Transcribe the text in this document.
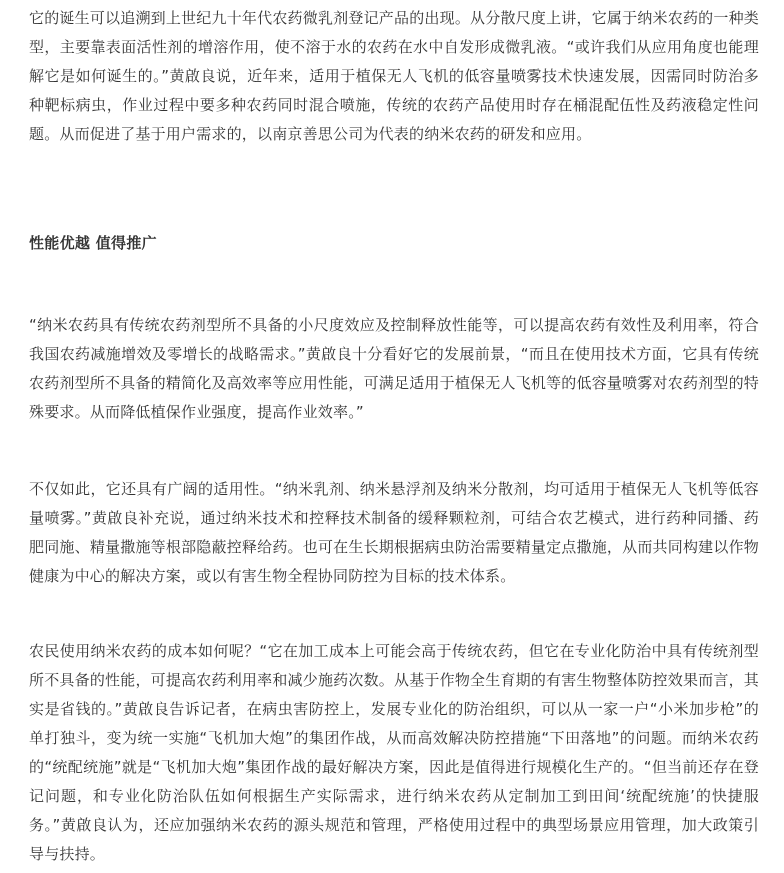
它的诞生可以追溯到上世纪九十年代农药微乳剂登记产品的出现。从分散尺度上讲，它属于纳米农药的一种类型，主要靠表面活性剂的增溶作用，使不溶于水的农药在水中自发形成微乳液。“或许我们从应用角度也能理解它是如何诞生的。”黄啟良说，近年来，适用于植保无人飞机的低容量喷雾技术快速发展，因需同时防治多种靶标病虫，作业过程中要多种农药同时混合喷施，传统的农药产品使用时存在桶混配伍性及药液稳定性问题。从而促进了基于用户需求的，以南京善思公司为代表的纳米农药的研发和应用。

性能优越 值得推广

“纳米农药具有传统农药剂型所不具备的小尺度效应及控制释放性能等，可以提高农药有效性及利用率，符合我国农药减施增效及零增长的战略需求。”黄啟良十分看好它的发展前景，“而且在使用技术方面，它具有传统农药剂型所不具备的精简化及高效率等应用性能，可满足适用于植保无人飞机等的低容量喷雾对农药剂型的特殊要求。从而降低植保作业强度，提高作业效率。”

不仅如此，它还具有广阔的适用性。“纳米乳剂、纳米悬浮剂及纳米分散剂，均可适用于植保无人飞机等低容量喷雾。”黄啟良补充说，通过纳米技术和控释技术制备的缓释颗粒剂，可结合农艺模式，进行药种同播、药肥同施、精量撒施等根部隐蔽控释给药。也可在生长期根据病虫防治需要精量定点撒施，从而共同构建以作物健康为中心的解决方案，或以有害生物全程协同防控为目标的技术体系。

农民使用纳米农药的成本如何呢？“它在加工成本上可能会高于传统农药，但它在专业化防治中具有传统剂型所不具备的性能，可提高农药利用率和减少施药次数。从基于作物全生育期的有害生物整体防控效果而言，其实是省钱的。”黄啟良告诉记者，在病虫害防控上，发展专业化的防治组织，可以从一家一户“小米加步枪”的单打独斗，变为统一实施“飞机加大炮”的集团作战，从而高效解决防控措施“下田落地”的问题。而纳米农药的“统配统施”就是“飞机加大炮”集团作战的最好解决方案，因此是值得进行规模化生产的。“但当前还存在登记问题，和专业化防治队伍如何根据生产实际需求，进行纳米农药从定制加工到田间‘统配统施’的快捷服务。”黄啟良认为，还应加强纳米农药的源头规范和管理，严格使用过程中的典型场景应用管理，加大政策引导与扶持。
